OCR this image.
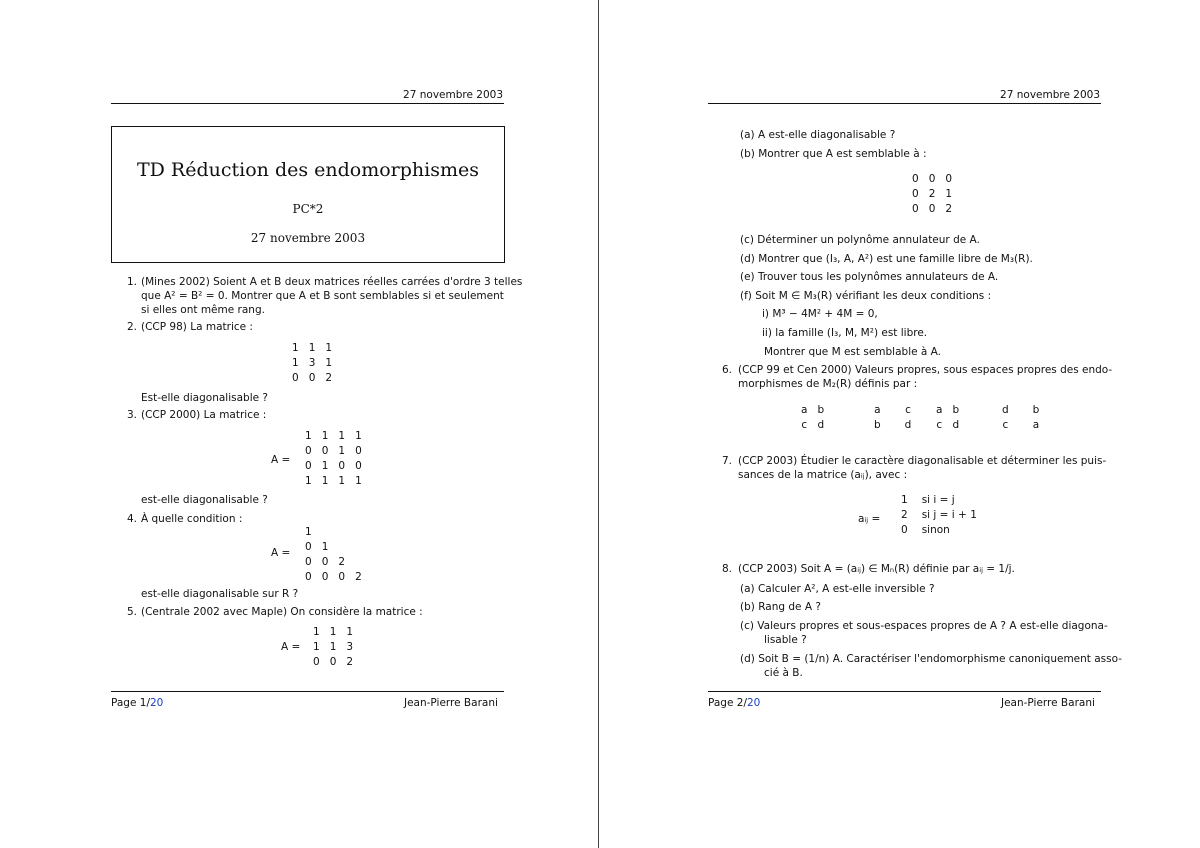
27 novembre 2003
TD Réduction des endomorphismes
PC*2
27 novembre 2003
1. (Mines 2002) Soient A et B deux matrices réelles carrées d'ordre 3 telles
que A² = B² = 0. Montrer que A et B sont semblables si et seulement
si elles ont même rang.
2. (CCP 98) La matrice :
1	1	1
1	3	1
0	0	2
Est-elle diagonalisable ?
3. (CCP 2000) La matrice :
A =
1	1	1	1
0	0	1	0
0	1	0	0
1	1	1	1
est-elle diagonalisable ?
4. À quelle condition :
A =
1			
0	1		
0	0	2	
0	0	0	2
est-elle diagonalisable sur R ?
5. (Centrale 2002 avec Maple) On considère la matrice :
A =
1	1	1
1	1	3
0	0	2
Page 1/20	Jean-Pierre Barani
27 novembre 2003
(a) A est-elle diagonalisable ?
(b) Montrer que A est semblable à :
0	0	0
0	2	1
0	0	2
(c) Déterminer un polynôme annulateur de A.
(d) Montrer que (I₃, A, A²) est une famille libre de M₃(R).
(e) Trouver tous les polynômes annulateurs de A.
(f) Soit M ∈ M₃(R) vérifiant les deux conditions :
i) M³ − 4M² + 4M = 0,
ii) la famille (I₃, M, M²) est libre.
Montrer que M est semblable à A.
6. (CCP 99 et Cen 2000) Valeurs propres, sous espaces propres des endo-
morphismes de M₂(R) définis par :
a	b
c	d
a	c
b	d
a	b
c	d
d	b
c	a
7. (CCP 2003) Étudier le caractère diagonalisable et déterminer les puis-
sances de la matrice (aᵢⱼ), avec :
aᵢⱼ =
1	si i = j
2	si j = i + 1
0	sinon
8. (CCP 2003) Soit A = (aᵢⱼ) ∈ Mₙ(R) définie par aᵢⱼ = 1/j.
(a) Calculer A², A est-elle inversible ?
(b) Rang de A ?
(c) Valeurs propres et sous-espaces propres de A ? A est-elle diagona-
lisable ?
(d) Soit B = (1/n) A. Caractériser l'endomorphisme canoniquement asso-
cié à B.
Page 2/20	Jean-Pierre Barani
